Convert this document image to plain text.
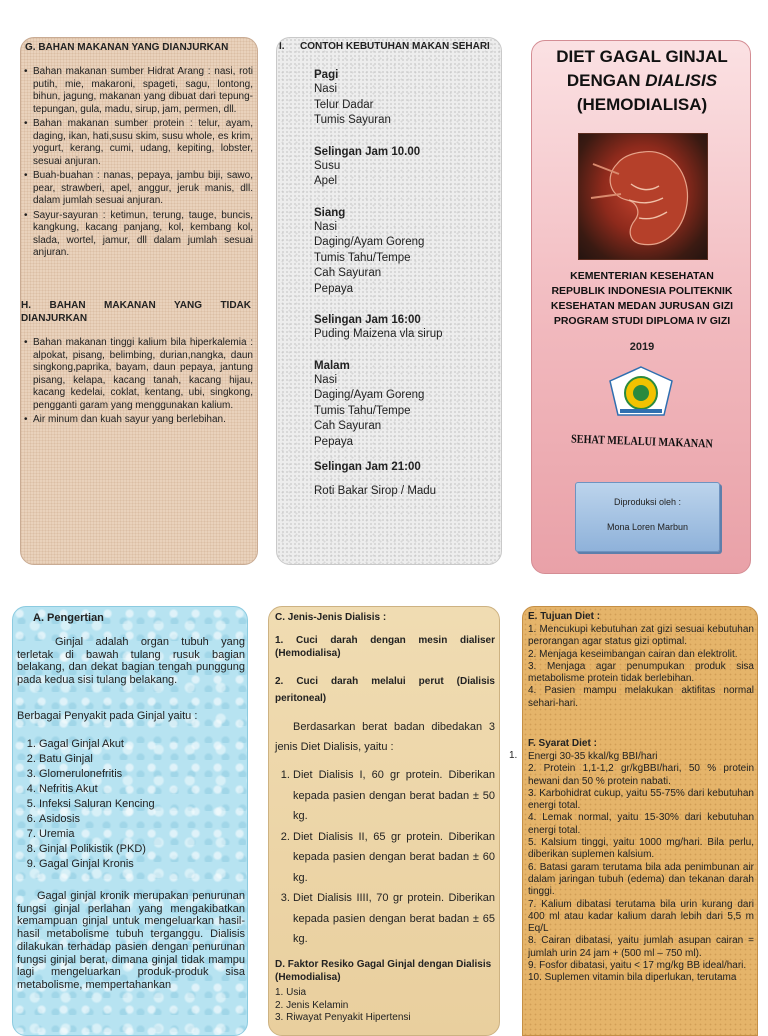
G. BAHAN MAKANAN YANG DIANJURKAN
• Bahan makanan sumber Hidrat Arang : nasi, roti putih, mie, makaroni, spageti, sagu, lontong, bihun, jagung, makanan yang dibuat dari tepung-tepungan, gula, madu, sirup, jam, permen, dll.
• Bahan makanan sumber protein : telur, ayam, daging, ikan, hati,susu skim, susu whole, es krim, yogurt, kerang, cumi, udang, kepiting, lobster, sesuai anjuran.
• Buah-buahan : nanas, pepaya, jambu biji, sawo, pear, strawberi, apel, anggur, jeruk manis, dll. dalam jumlah sesuai anjuran.
• Sayur-sayuran : ketimun, terung, tauge, buncis, kangkung, kacang panjang, kol, kembang kol, slada, wortel, jamur, dll dalam jumlah sesuai anjuran.
H. BAHAN MAKANAN YANG TIDAK DIANJURKAN
• Bahan makanan tinggi kalium bila hiperkalemia : alpokat, pisang, belimbing, durian,nangka, daun singkong,paprika, bayam, daun pepaya, jantung pisang, kelapa, kacang tanah, kacang hijau, kacang kedelai, coklat, kentang, ubi, singkong, pengganti garam yang menggunakan kalium.
• Air minum dan kuah sayur yang berlebihan.
I. CONTOH KEBUTUHAN MAKAN SEHARI
Pagi
Nasi
Telur Dadar
Tumis Sayuran
Selingan Jam 10.00
Susu
Apel
Siang
Nasi
Daging/Ayam Goreng
Tumis Tahu/Tempe
Cah Sayuran
Pepaya
Selingan Jam 16:00
Puding Maizena vla sirup
Malam
Nasi
Daging/Ayam Goreng
Tumis Tahu/Tempe
Cah Sayuran
Pepaya
Selingan Jam 21:00
Roti Bakar Sirop / Madu
DIET GAGAL GINJAL
DENGAN DIALISIS
(HEMODIALISA)
KEMENTERIAN KESEHATAN REPUBLIK INDONESIA POLITEKNIK KESEHATAN MEDAN JURUSAN GIZI PROGRAM STUDI DIPLOMA IV GIZI
2019
SEHAT MELALUI MAKANAN
Diproduksi oleh :
Mona Loren Marbun
A. Pengertian
Ginjal adalah organ tubuh yang terletak di bawah tulang rusuk bagian belakang, dan dekat bagian tengah punggung pada kedua sisi tulang belakang.
Berbagai Penyakit pada Ginjal yaitu :
1. Gagal Ginjal Akut
2. Batu Ginjal
3. Glomerulonefritis
4. Nefritis Akut
5. Infeksi Saluran Kencing
6. Asidosis
7. Uremia
8. Ginjal Polikistik (PKD)
9. Gagal Ginjal Kronis
Gagal ginjal kronik merupakan penurunan fungsi ginjal perlahan yang mengakibatkan kemampuan ginjal untuk mengeluarkan hasil-hasil metabolisme tubuh terganggu. Dialisis dilakukan terhadap pasien dengan penurunan fungsi ginjal berat, dimana ginjal tidak mampu lagi mengeluarkan produk-produk sisa metabolisme, mempertahankan
C. Jenis-Jenis Dialisis :
1. Cuci darah dengan mesin dialiser (Hemodialisa)
2. Cuci darah melalui perut (Dialisis peritoneal)
Berdasarkan berat badan dibedakan 3 jenis Diet Dialisis, yaitu :
1. Diet Dialisis I, 60 gr protein. Diberikan kepada pasien dengan berat badan ± 50 kg.
2. Diet Dialisis II, 65 gr protein. Diberikan kepada pasien dengan berat badan ± 60 kg.
3. Diet Dialisis IIII, 70 gr protein. Diberikan kepada pasien dengan berat badan ± 65 kg.
D. Faktor Resiko Gagal Ginjal dengan Dialisis (Hemodialisa)
1. Usia
2. Jenis Kelamin
3. Riwayat Penyakit Hipertensi
E. Tujuan Diet :
1. Mencukupi kebutuhan zat gizi sesuai kebutuhan perorangan agar status gizi optimal.
2. Menjaga keseimbangan cairan dan elektrolit.
3. Menjaga agar penumpukan produk sisa metabolisme protein tidak berlebihan.
4. Pasien mampu melakukan aktifitas normal sehari-hari.
F. Syarat Diet :
Energi 30-35 kkal/kg BBI/hari
2. Protein 1,1-1,2 gr/kgBBI/hari, 50 % protein hewani dan 50 % protein nabati.
3. Karbohidrat cukup, yaitu 55-75% dari kebutuhan energi total.
4. Lemak normal, yaitu 15-30% dari kebutuhan energi total.
5. Kalsium tinggi, yaitu 1000 mg/hari. Bila perlu, diberikan suplemen kalsium.
6. Batasi garam terutama bila ada penimbunan air dalam jaringan tubuh (edema) dan tekanan darah tinggi.
7. Kalium dibatasi terutama bila urin kurang dari 400 ml atau kadar kalium darah lebih dari 5,5 m Eq/L
8. Cairan dibatasi, yaitu jumlah asupan cairan = jumlah urin 24 jam + (500 ml – 750 ml).
9. Fosfor dibatasi, yaitu < 17 mg/kg BB ideal/hari.
10. Suplemen vitamin bila diperlukan, terutama
1.
